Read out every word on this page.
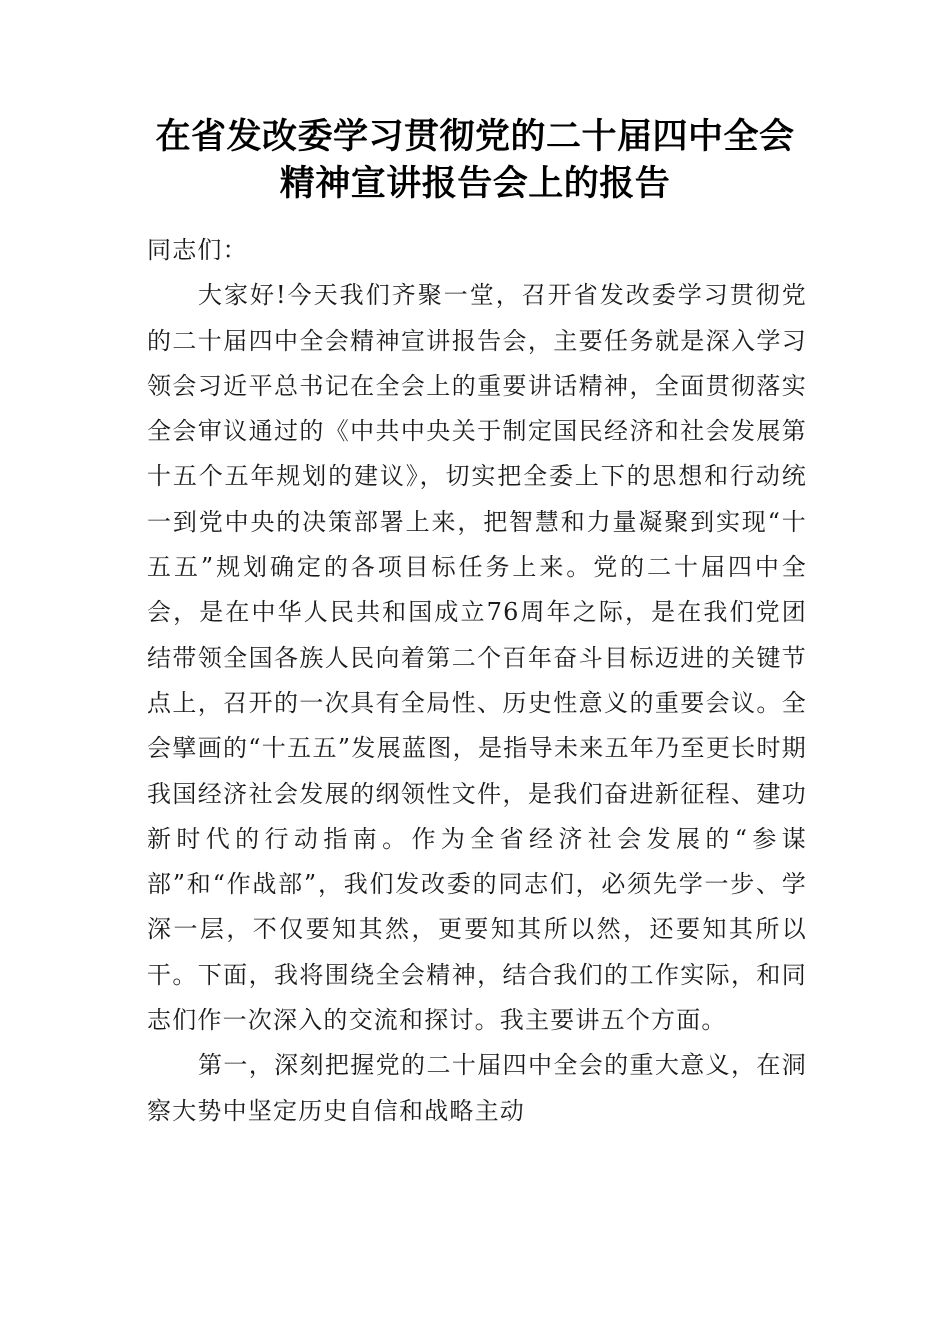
在省发改委学习贯彻党的二十届四中全会
精神宣讲报告会上的报告

同志们：

大家好!今天我们齐聚一堂，召开省发改委学习贯彻党的二十届四中全会精神宣讲报告会，主要任务就是深入学习领会习近平总书记在全会上的重要讲话精神，全面贯彻落实全会审议通过的《中共中央关于制定国民经济和社会发展第十五个五年规划的建议》，切实把全委上下的思想和行动统一到党中央的决策部署上来，把智慧和力量凝聚到实现“十五五”规划确定的各项目标任务上来。党的二十届四中全会，是在中华人民共和国成立76周年之际，是在我们党团结带领全国各族人民向着第二个百年奋斗目标迈进的关键节点上，召开的一次具有全局性、历史性意义的重要会议。全会擘画的“十五五”发展蓝图，是指导未来五年乃至更长时期我国经济社会发展的纲领性文件，是我们奋进新征程、建功新时代的行动指南。作为全省经济社会发展的“参谋部”和“作战部”，我们发改委的同志们，必须先学一步、学深一层，不仅要知其然，更要知其所以然，还要知其所以干。下面，我将围绕全会精神，结合我们的工作实际，和同志们作一次深入的交流和探讨。我主要讲五个方面。

第一，深刻把握党的二十届四中全会的重大意义，在洞察大势中坚定历史自信和战略主动
